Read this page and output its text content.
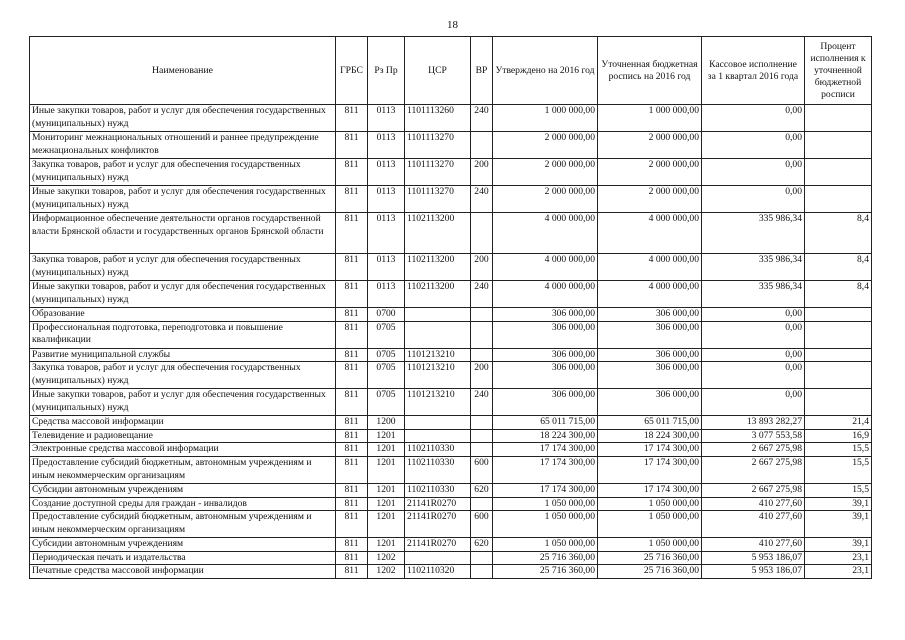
18
Наименование	ГРБС	Рз Пр	ЦСР	ВР	Утверждено на 2016 год	Уточненная бюджетная роспись на 2016 год	Кассовое исполнение за 1 квартал 2016 года	Процент исполнения к уточненной бюджетной росписи
Иные закупки товаров, работ и услуг для обеспечения государственных (муниципальных) нужд	811	0113	1101113260	240	1 000 000,00	1 000 000,00	0,00	
Мониторинг межнациональных отношений и раннее предупреждение межнациональных конфликтов	811	0113	1101113270		2 000 000,00	2 000 000,00	0,00	
Закупка товаров, работ и услуг для обеспечения государственных (муниципальных) нужд	811	0113	1101113270	200	2 000 000,00	2 000 000,00	0,00	
Иные закупки товаров, работ и услуг для обеспечения государственных (муниципальных) нужд	811	0113	1101113270	240	2 000 000,00	2 000 000,00	0,00	
Информационное обеспечение деятельности органов государственной власти Брянской области и государственных органов Брянской области	811	0113	1102113200		4 000 000,00	4 000 000,00	335 986,34	8,4
Закупка товаров, работ и услуг для обеспечения государственных (муниципальных) нужд	811	0113	1102113200	200	4 000 000,00	4 000 000,00	335 986,34	8,4
Иные закупки товаров, работ и услуг для обеспечения государственных (муниципальных) нужд	811	0113	1102113200	240	4 000 000,00	4 000 000,00	335 986,34	8,4
Образование	811	0700			306 000,00	306 000,00	0,00	
Профессиональная подготовка, переподготовка и повышение квалификации	811	0705			306 000,00	306 000,00	0,00	
Развитие муниципальной службы	811	0705	1101213210		306 000,00	306 000,00	0,00	
Закупка товаров, работ и услуг для обеспечения государственных (муниципальных) нужд	811	0705	1101213210	200	306 000,00	306 000,00	0,00	
Иные закупки товаров, работ и услуг для обеспечения государственных (муниципальных) нужд	811	0705	1101213210	240	306 000,00	306 000,00	0,00	
Средства массовой информации	811	1200			65 011 715,00	65 011 715,00	13 893 282,27	21,4
Телевидение и радиовещание	811	1201			18 224 300,00	18 224 300,00	3 077 553,58	16,9
Электронные средства массовой информации	811	1201	1102110330		17 174 300,00	17 174 300,00	2 667 275,98	15,5
Предоставление субсидий бюджетным, автономным учреждениям и иным некоммерческим организациям	811	1201	1102110330	600	17 174 300,00	17 174 300,00	2 667 275,98	15,5
Субсидии автономным учреждениям	811	1201	1102110330	620	17 174 300,00	17 174 300,00	2 667 275,98	15,5
Создание доступной среды для граждан - инвалидов	811	1201	21141R0270		1 050 000,00	1 050 000,00	410 277,60	39,1
Предоставление субсидий бюджетным, автономным учреждениям и иным некоммерческим организациям	811	1201	21141R0270	600	1 050 000,00	1 050 000,00	410 277,60	39,1
Субсидии автономным учреждениям	811	1201	21141R0270	620	1 050 000,00	1 050 000,00	410 277,60	39,1
Периодическая печать и издательства	811	1202			25 716 360,00	25 716 360,00	5 953 186,07	23,1
Печатные средства массовой информации	811	1202	1102110320		25 716 360,00	25 716 360,00	5 953 186,07	23,1
